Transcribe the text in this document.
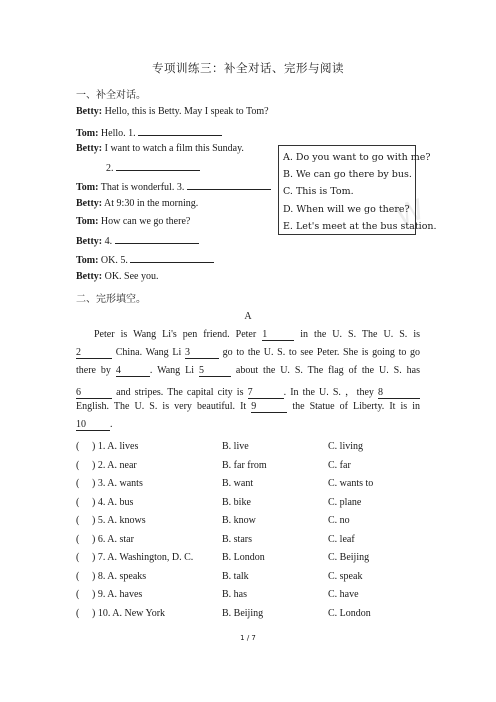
W
专项训练三：补全对话、完形与阅读
一、补全对话。
Betty: Hello, this is Betty. May I speak to Tom?
Tom: Hello. 1.
Betty: I want to watch a film this Sunday.
2.
Tom: That is wonderful. 3.
Betty: At 9:30 in the morning.
Tom: How can we go there?
Betty: 4.
Tom: OK. 5.
Betty: OK. See you.
A. Do you want to go with me?
B. We can go there by bus.
C. This is Tom.
D. When will we go there?
E. Let's meet at the bus station.
二、完形填空。
A
Peter is Wang Li's pen friend. Peter 1	in the U. S. The U. S. is
2	China. Wang Li 3	go to the U. S. to see Peter. She is going to go
there by 4	. Wang Li 5	about the U. S. The flag of the U. S. has
6	and stripes. The capital city is 7	. In the U. S. ，they 8
English. The U. S. is very beautiful. It 9	the Statue of Liberty. It is in
10 .
( ) 1. A. lives	B. live	C. living
( ) 2. A. near	B. far from	C. far
( ) 3. A. wants	B. want	C. wants to
( ) 4. A. bus	B. bike	C. plane
( ) 5. A. knows	B. know	C. no
( ) 6. A. star	B. stars	C. leaf
( ) 7. A. Washington, D. C.	B. London	C. Beijing
( ) 8. A. speaks	B. talk	C. speak
( ) 9. A. haves	B. has	C. have
( ) 10. A. New York	B. Beijing	C. London
1 / 7
